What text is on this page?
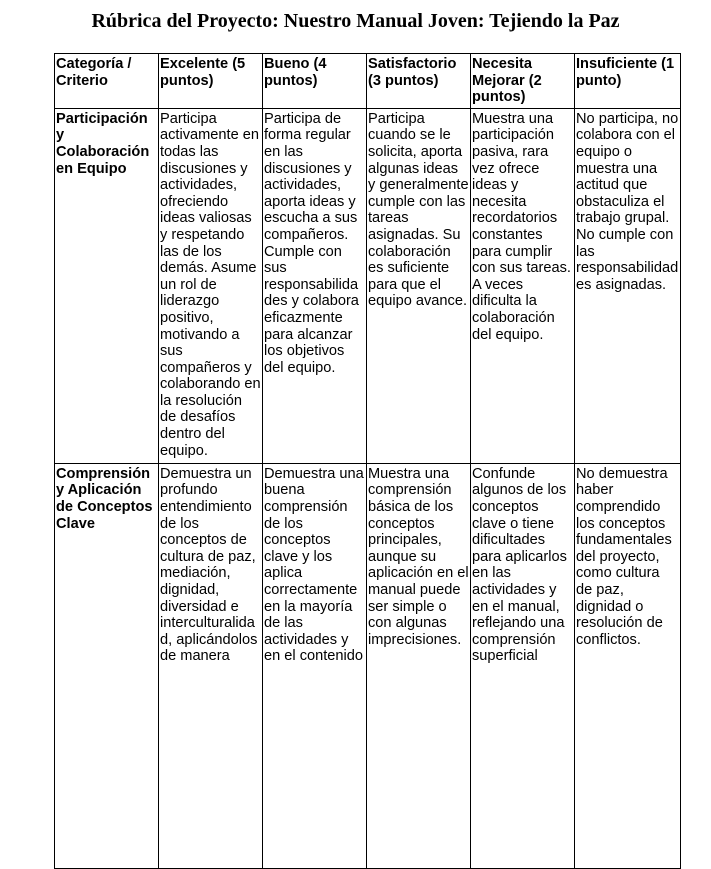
Rúbrica del Proyecto: Nuestro Manual Joven: Tejiendo la Paz
Categoría / Criterio	Excelente (5 puntos)	Bueno (4 puntos)	Satisfactorio (3 puntos)	Necesita Mejorar (2 puntos)	Insuficiente (1 punto)
Participación y Colaboración en Equipo	Participa activamente en todas las discusiones y actividades, ofreciendo ideas valiosas y respetando las de los demás. Asume un rol de liderazgo positivo, motivando a sus compañeros y colaborando en la resolución de desafíos dentro del equipo.	Participa de forma regular en las discusiones y actividades, aporta ideas y escucha a sus compañeros. Cumple con sus responsabilidades y colabora eficazmente para alcanzar los objetivos del equipo.	Participa cuando se le solicita, aporta algunas ideas y generalmente cumple con las tareas asignadas. Su colaboración es suficiente para que el equipo avance.	Muestra una participación pasiva, rara vez ofrece ideas y necesita recordatorios constantes para cumplir con sus tareas. A veces dificulta la colaboración del equipo.	No participa, no colabora con el equipo o muestra una actitud que obstaculiza el trabajo grupal. No cumple con las responsabilidades asignadas.
Comprensión y Aplicación de Conceptos Clave	Demuestra un profundo entendimiento de los conceptos de cultura de paz, mediación, dignidad, diversidad e interculturalidad, aplicándolos de manera	Demuestra una buena comprensión de los conceptos clave y los aplica correctamente en la mayoría de las actividades y en el contenido	Muestra una comprensión básica de los conceptos principales, aunque su aplicación en el manual puede ser simple o con algunas imprecisiones.	Confunde algunos de los conceptos clave o tiene dificultades para aplicarlos en las actividades y en el manual, reflejando una comprensión superficial	No demuestra haber comprendido los conceptos fundamentales del proyecto, como cultura de paz, dignidad o resolución de conflictos.
